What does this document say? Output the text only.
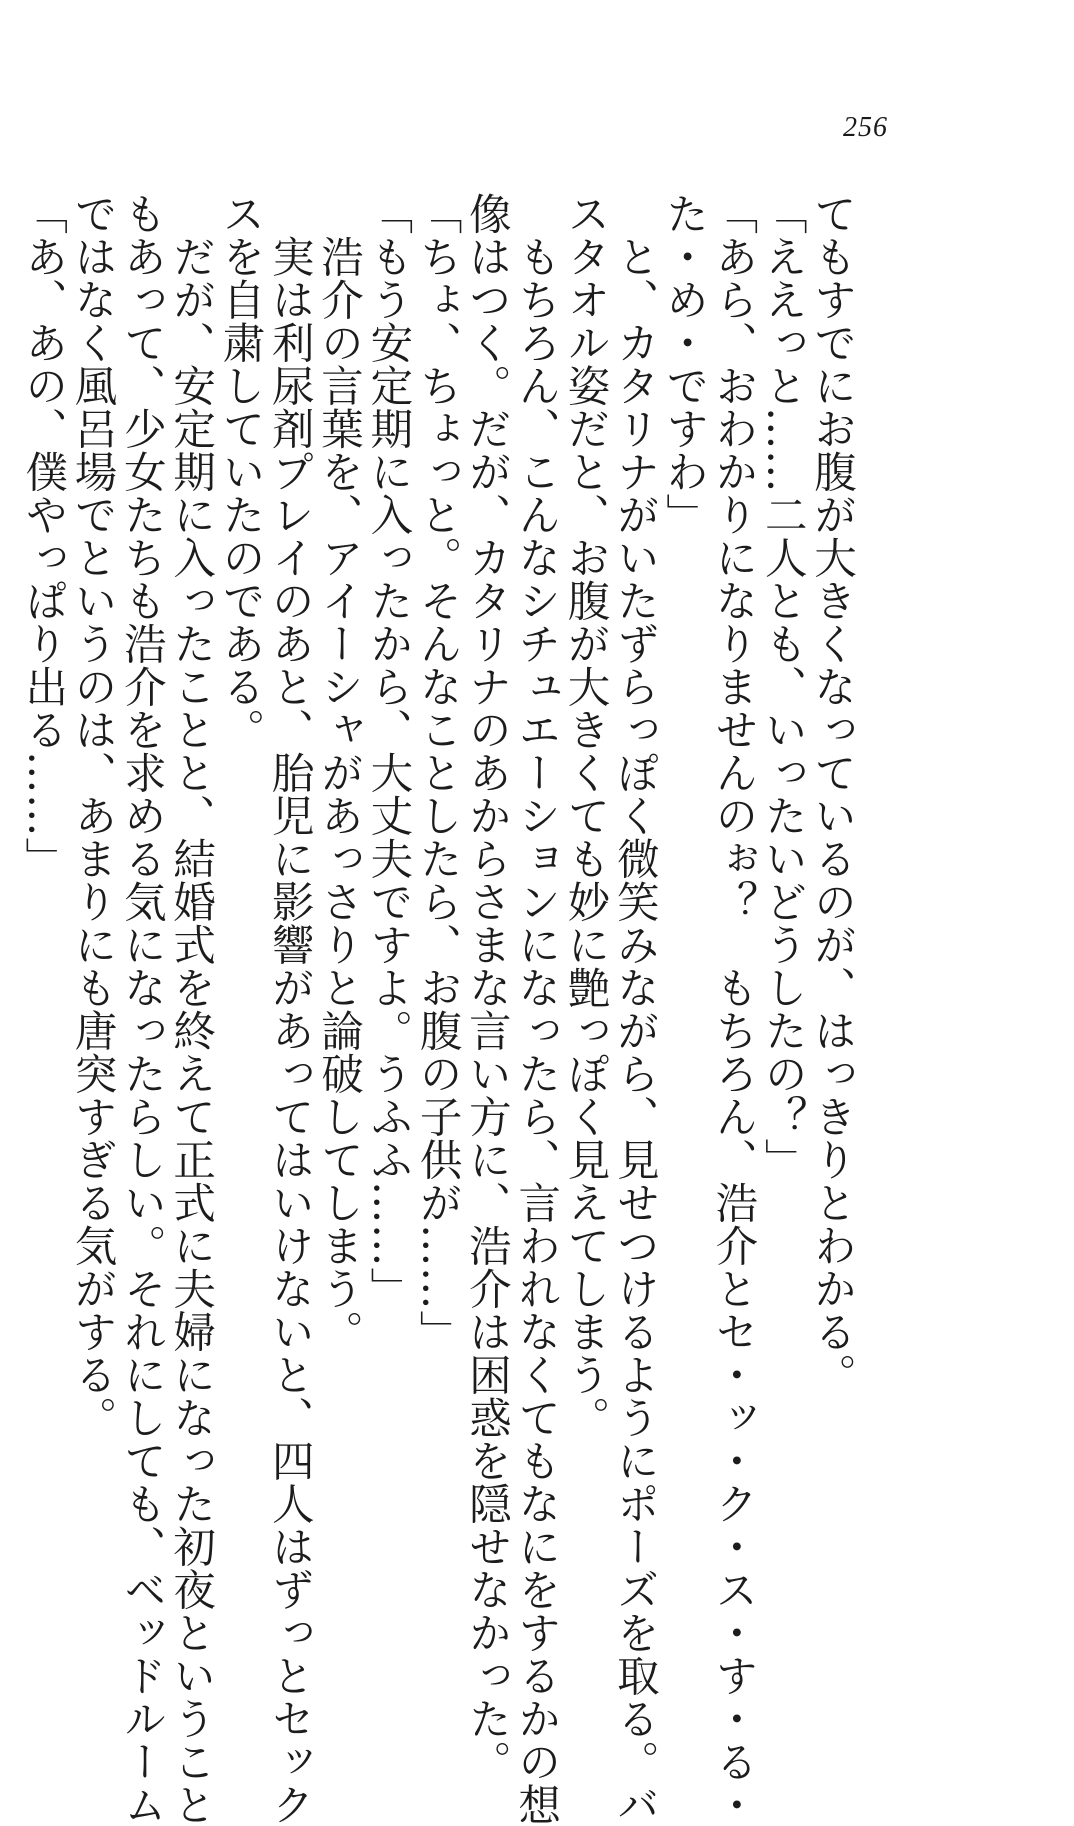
256
てもすでにお腹が大きくなっているのが、はっきりとわかる。
「ええっと……二人とも、いったいどうしたの？」
「あら、おわかりになりませんのぉ？　もちろん、浩介とセ・ッ・ク・ス・す・る・
た・め・ですわ」
　と、カタリナがいたずらっぽく微笑みながら、見せつけるようにポーズを取る。バ
スタオル姿だと、お腹が大きくても妙に艶っぽく見えてしまう。
　もちろん、こんなシチュエーションになったら、言われなくてもなにをするかの想
像はつく。だが、カタリナのあからさまな言い方に、浩介は困惑を隠せなかった。
「ちょ、ちょっと。そんなことしたら、お腹の子供が……」
「もう安定期に入ったから、大丈夫ですよ。うふふ……」
　浩介の言葉を、アイーシャがあっさりと論破してしまう。
　実は利尿剤プレイのあと、胎児に影響があってはいけないと、四人はずっとセック
スを自粛していたのである。
　だが、安定期に入ったことと、結婚式を終えて正式に夫婦になった初夜ということ
もあって、少女たちも浩介を求める気になったらしい。それにしても、ベッドルーム
ではなく風呂場でというのは、あまりにも唐突すぎる気がする。
「あ、あの、僕やっぱり出る……」
